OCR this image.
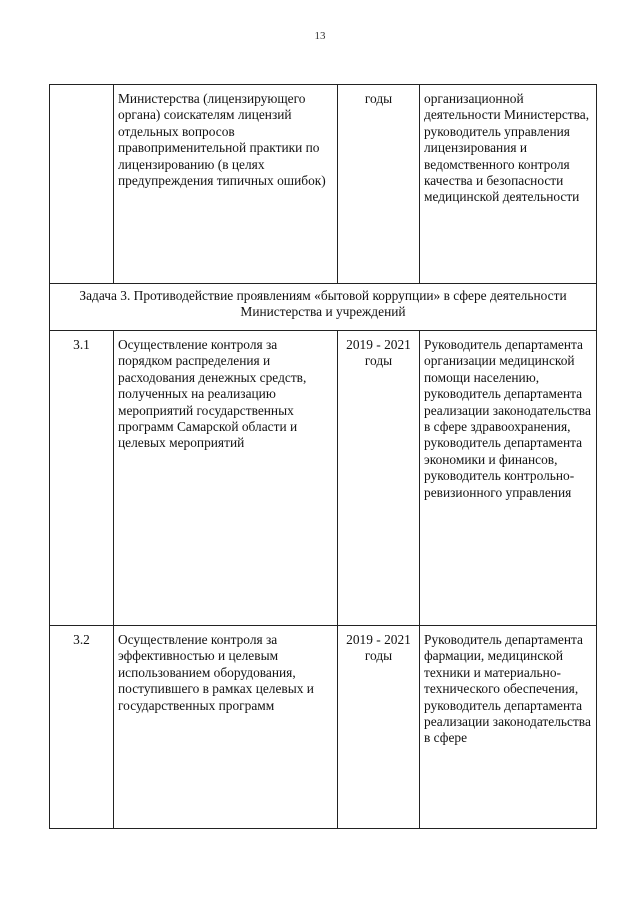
13
	Министерства (лицензирующего органа) соискателям лицензий отдельных вопросов правоприменительной практики по лицензированию (в целях предупреждения типичных ошибок)	годы	организационной деятельности Министерства, руководитель управления лицензирования и ведомственного контроля качества и безопасности медицинской деятельности
Задача 3. Противодействие проявлениям «бытовой коррупции» в сфере деятельности Министерства и учреждений			
3.1	Осуществление контроля за порядком распределения и расходования денежных средств, полученных на реализацию мероприятий государственных программ Самарской области и целевых мероприятий	2019 - 2021 годы	Руководитель департамента организации медицинской помощи населению, руководитель департамента реализации законодательства в сфере здравоохранения, руководитель департамента экономики и финансов, руководитель контрольно-ревизионного управления
3.2	Осуществление контроля за эффективностью и целевым использованием оборудования, поступившего в рамках целевых и государственных программ	2019 - 2021 годы	Руководитель департамента фармации, медицинской техники и материально-технического обеспечения, руководитель департамента реализации законодательства в сфере
